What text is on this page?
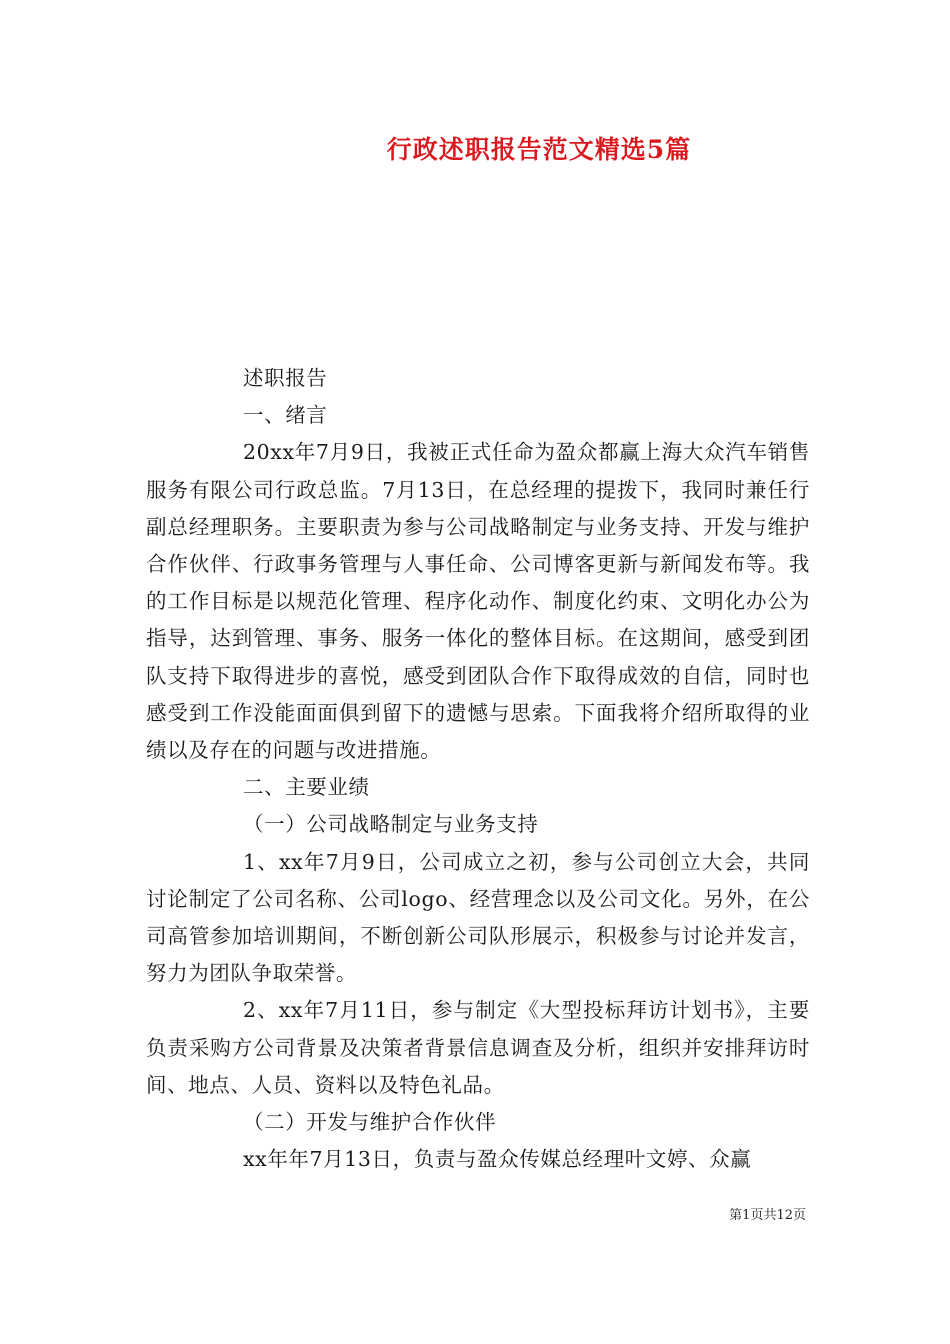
行政述职报告范文精选5篇

述职报告

一、绪言

20xx年7月9日，我被正式任命为盈众都赢上海大众汽车销售服务有限公司行政总监。7月13日，在总经理的提拨下，我同时兼任行副总经理职务。主要职责为参与公司战略制定与业务支持、开发与维护合作伙伴、行政事务管理与人事任命、公司博客更新与新闻发布等。我的工作目标是以规范化管理、程序化动作、制度化约束、文明化办公为指导，达到管理、事务、服务一体化的整体目标。在这期间，感受到团队支持下取得进步的喜悦，感受到团队合作下取得成效的自信，同时也感受到工作没能面面俱到留下的遗憾与思索。下面我将介绍所取得的业绩以及存在的问题与改进措施。

二、主要业绩

（一）公司战略制定与业务支持

1、xx年7月9日，公司成立之初，参与公司创立大会，共同讨论制定了公司名称、公司logo、经营理念以及公司文化。另外，在公司高管参加培训期间，不断创新公司队形展示，积极参与讨论并发言，努力为团队争取荣誉。

2、xx年7月11日，参与制定《大型投标拜访计划书》，主要负责采购方公司背景及决策者背景信息调查及分析，组织并安排拜访时间、地点、人员、资料以及特色礼品。

（二）开发与维护合作伙伴

xx年年7月13日，负责与盈众传媒总经理叶文婷、众赢

第1页共12页
